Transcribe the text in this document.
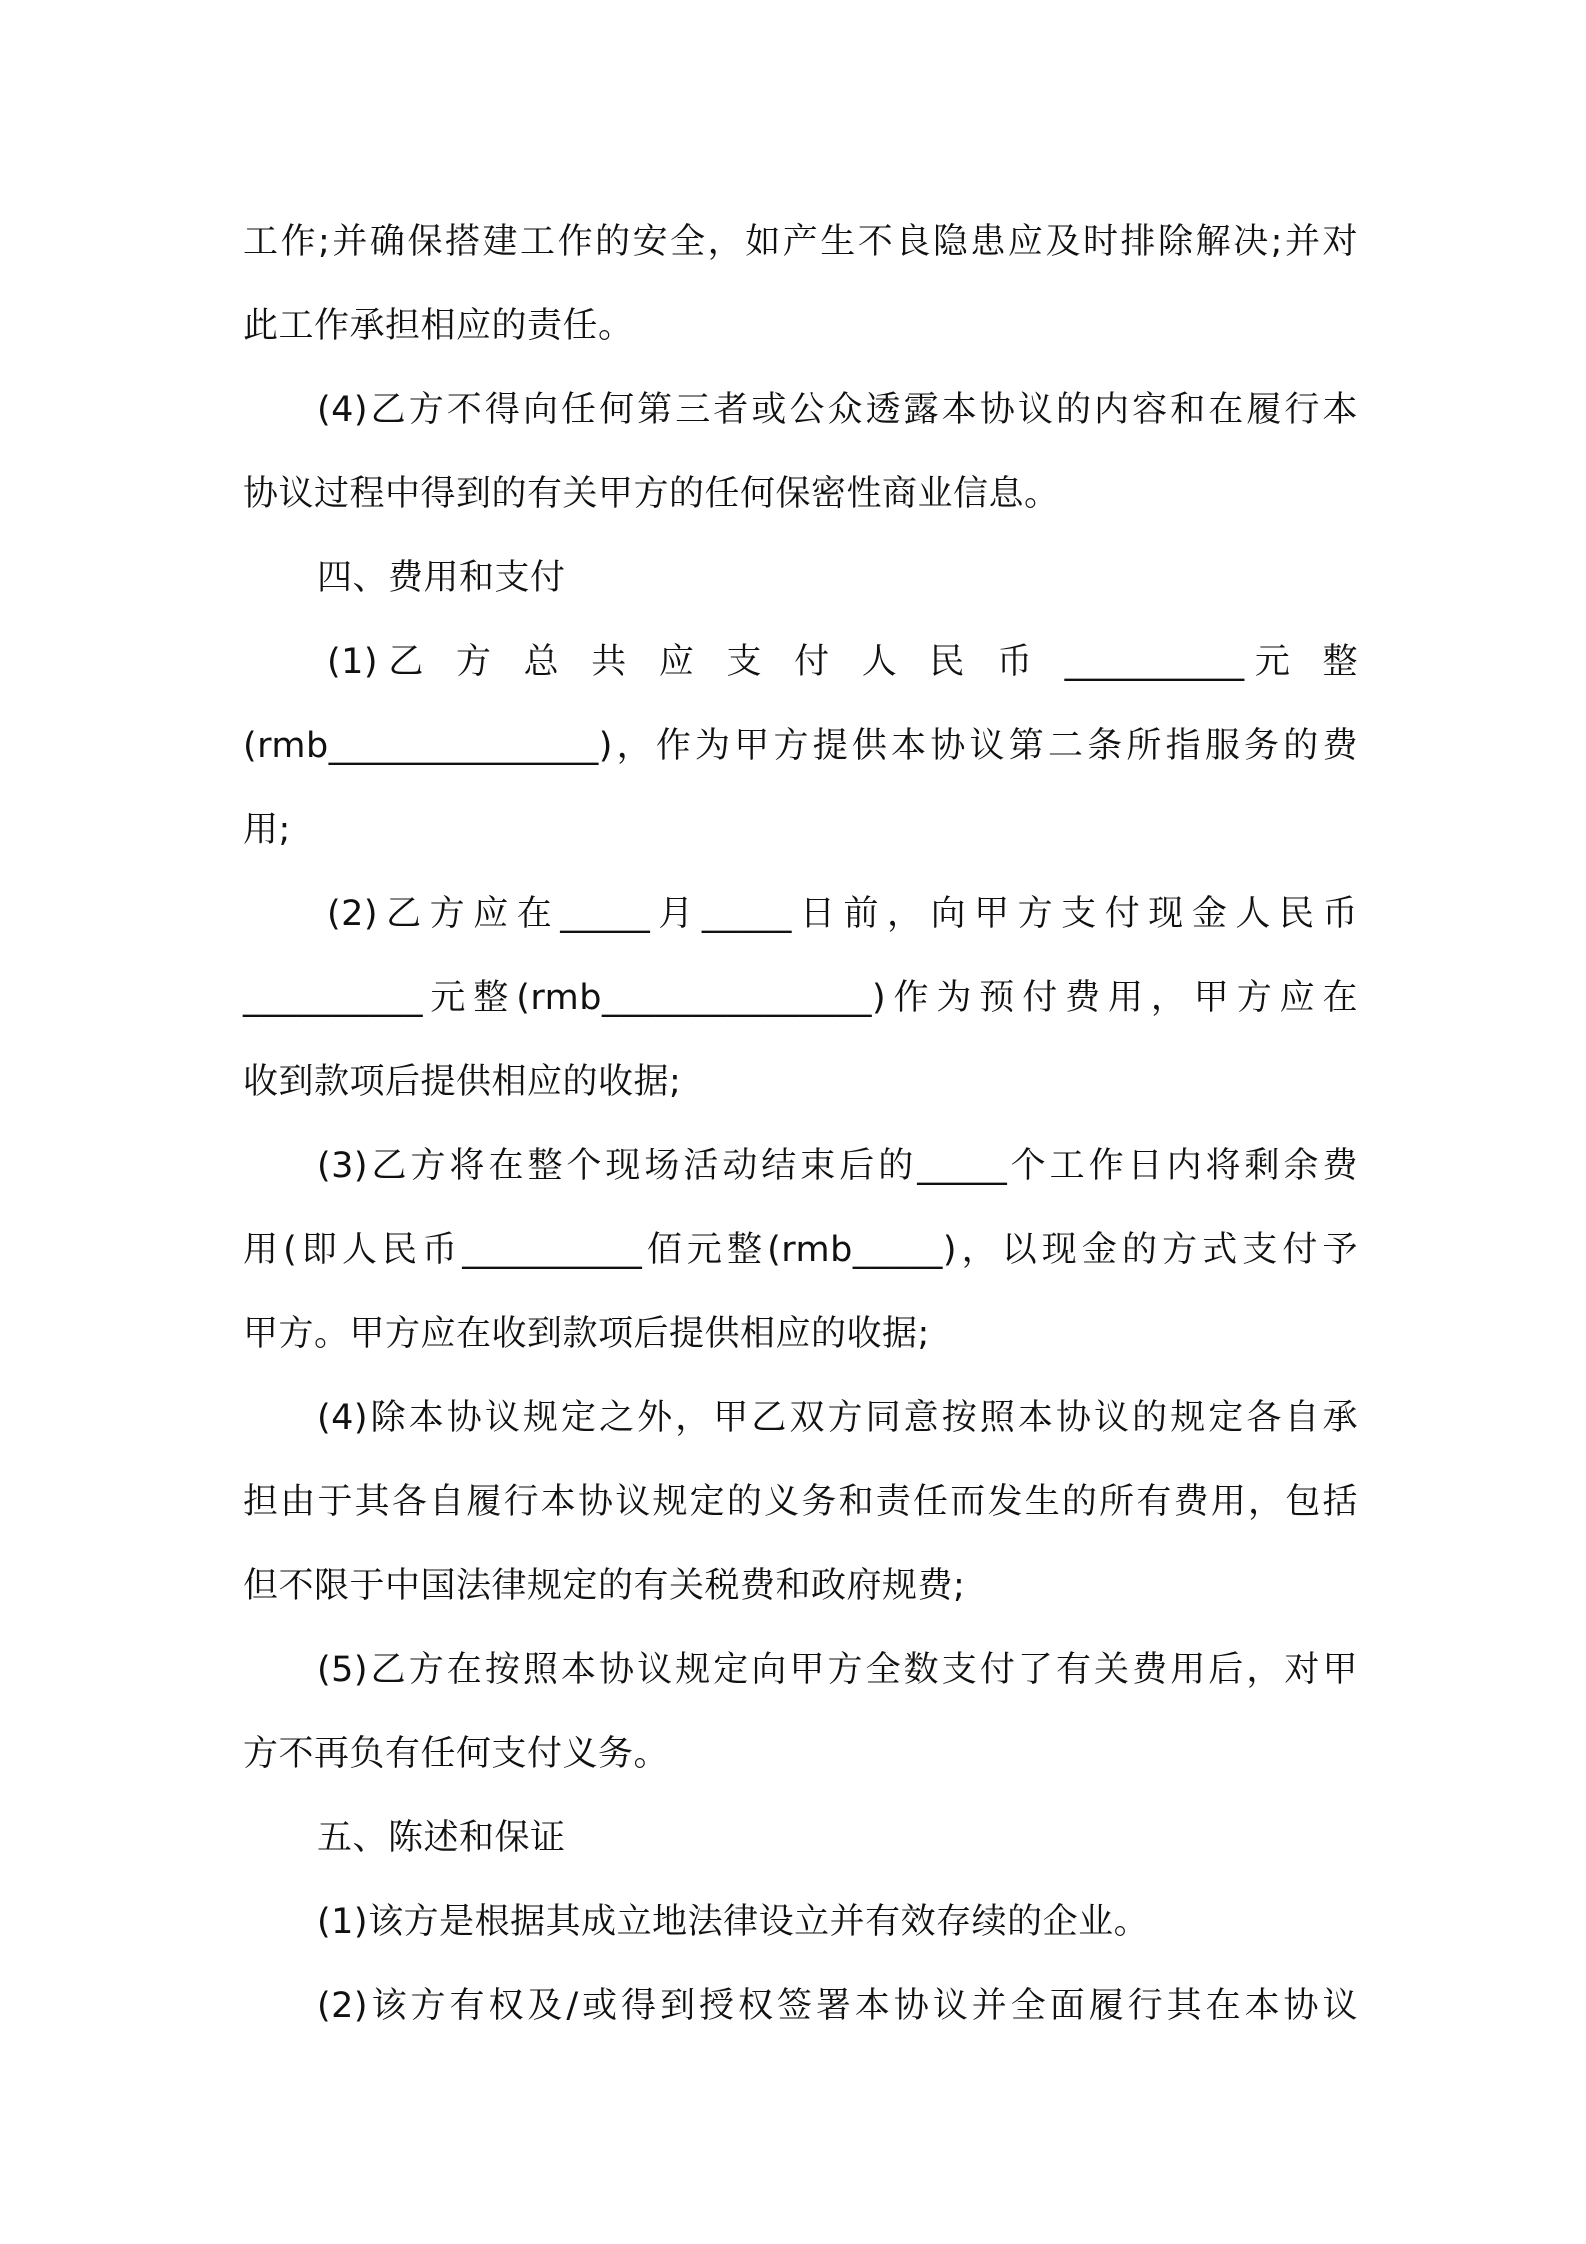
工作;并确保搭建工作的安全，如产生不良隐患应及时排除解决;并对
此工作承担相应的责任。
(4)乙方不得向任何第三者或公众透露本协议的内容和在履行本
协议过程中得到的有关甲方的任何保密性商业信息。
四、费用和支付
(1)乙 方 总 共 应 支 付 人 民 币 __________元 整
(rmb_______________)，作为甲方提供本协议第二条所指服务的费
用;
(2)乙方应在_____月_____日前，向甲方支付现金人民币
__________元整(rmb_______________)作为预付费用，甲方应在
收到款项后提供相应的收据;
(3)乙方将在整个现场活动结束后的_____个工作日内将剩余费
用(即人民币__________佰元整(rmb_____)，以现金的方式支付予
甲方。甲方应在收到款项后提供相应的收据;
(4)除本协议规定之外，甲乙双方同意按照本协议的规定各自承
担由于其各自履行本协议规定的义务和责任而发生的所有费用，包括
但不限于中国法律规定的有关税费和政府规费;
(5)乙方在按照本协议规定向甲方全数支付了有关费用后，对甲
方不再负有任何支付义务。
五、陈述和保证
(1)该方是根据其成立地法律设立并有效存续的企业。
(2)该方有权及/或得到授权签署本协议并全面履行其在本协议
